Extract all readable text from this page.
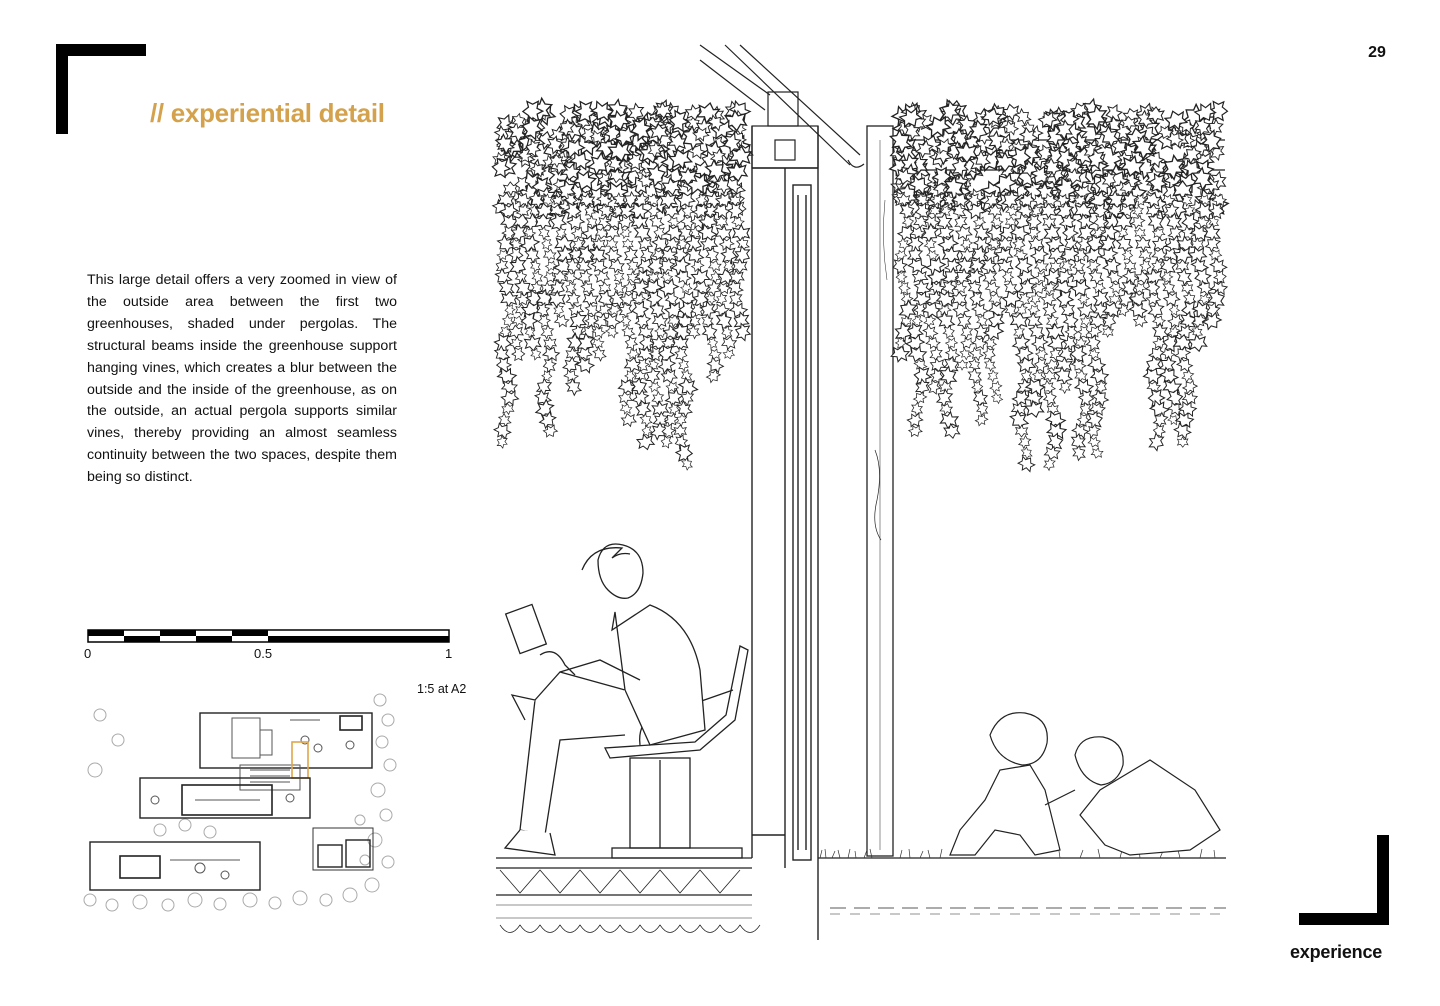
29
// experiential detail

This large detail offers a very zoomed in view of the outside area between the first two greenhouses, shaded under pergolas. The structural beams inside the greenhouse support hanging vines, which creates a blur between the outside and the inside of the greenhouse, as on the outside, an actual pergola supports similar vines, thereby providing an almost seamless continuity between the two spaces, despite them being so distinct.

0	0.5	1
1:5 at A2
experience
